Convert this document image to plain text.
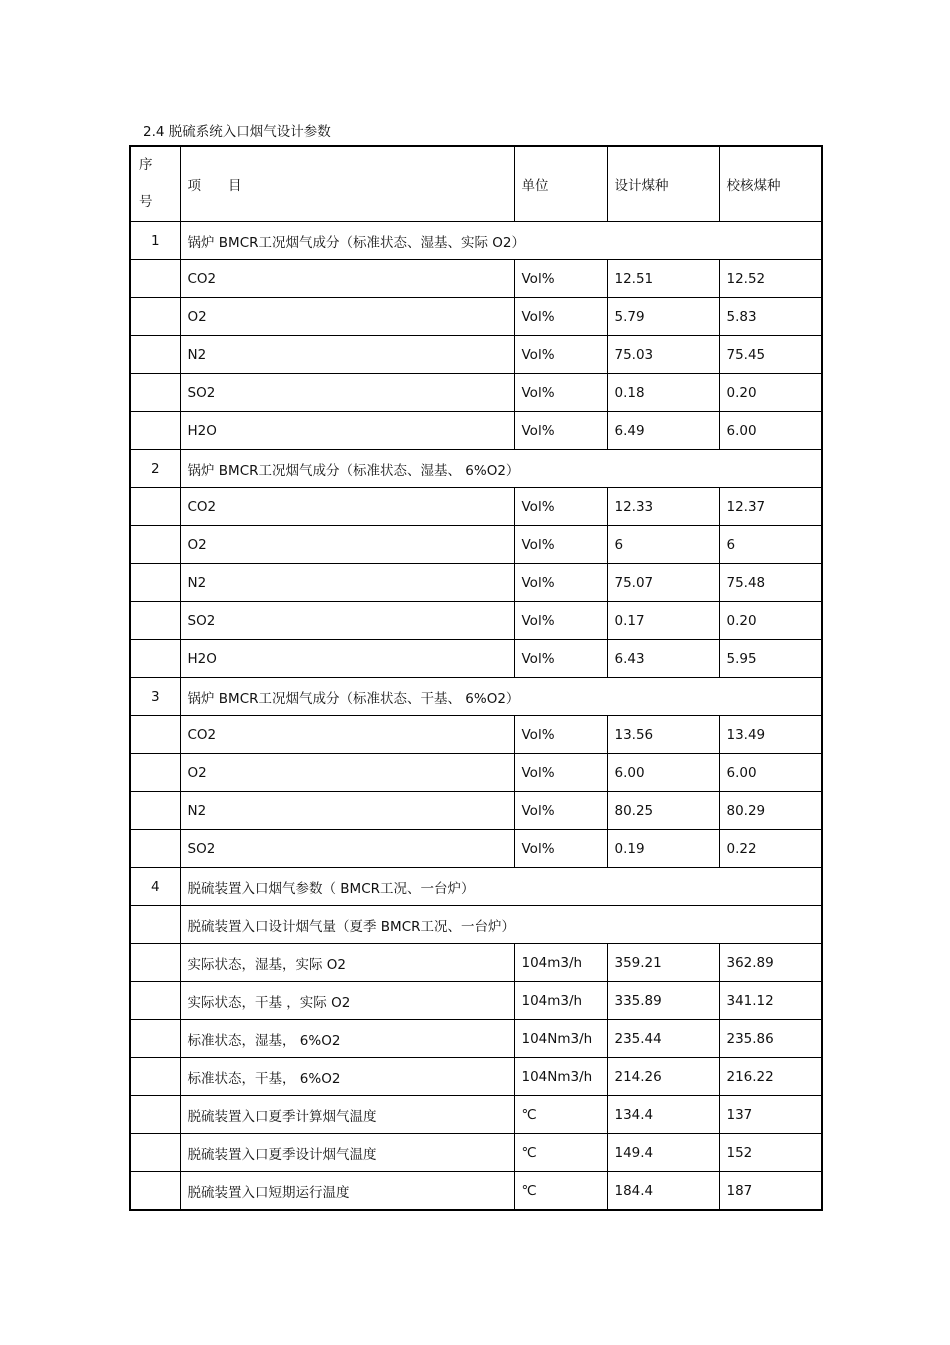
2.4 脱硫系统入口烟气设计参数
序
号	项　　目	单位	设计煤种	校核煤种
1	锅炉 BMCR工况烟气成分（标准状态、湿基、实际 O2）			
	CO2	Vol%	12.51	12.52
	O2	Vol%	5.79	5.83
	N2	Vol%	75.03	75.45
	SO2	Vol%	0.18	0.20
	H2O	Vol%	6.49	6.00
2	锅炉 BMCR工况烟气成分（标准状态、湿基、 6%O2）			
	CO2	Vol%	12.33	12.37
	O2	Vol%	6	6
	N2	Vol%	75.07	75.48
	SO2	Vol%	0.17	0.20
	H2O	Vol%	6.43	5.95
3	锅炉 BMCR工况烟气成分（标准状态、干基、 6%O2）			
	CO2	Vol%	13.56	13.49
	O2	Vol%	6.00	6.00
	N2	Vol%	80.25	80.29
	SO2	Vol%	0.19	0.22
4	脱硫装置入口烟气参数（ BMCR工况、一台炉）			
	脱硫装置入口设计烟气量（夏季 BMCR工况、一台炉）			
	实际状态，湿基，实际 O2	104m3/h	359.21	362.89
	实际状态，干基 ，实际 O2	104m3/h	335.89	341.12
	标准状态，湿基， 6%O2	104Nm3/h	235.44	235.86
	标准状态，干基， 6%O2	104Nm3/h	214.26	216.22
	脱硫装置入口夏季计算烟气温度	℃	134.4	137
	脱硫装置入口夏季设计烟气温度	℃	149.4	152
	脱硫装置入口短期运行温度	℃	184.4	187
